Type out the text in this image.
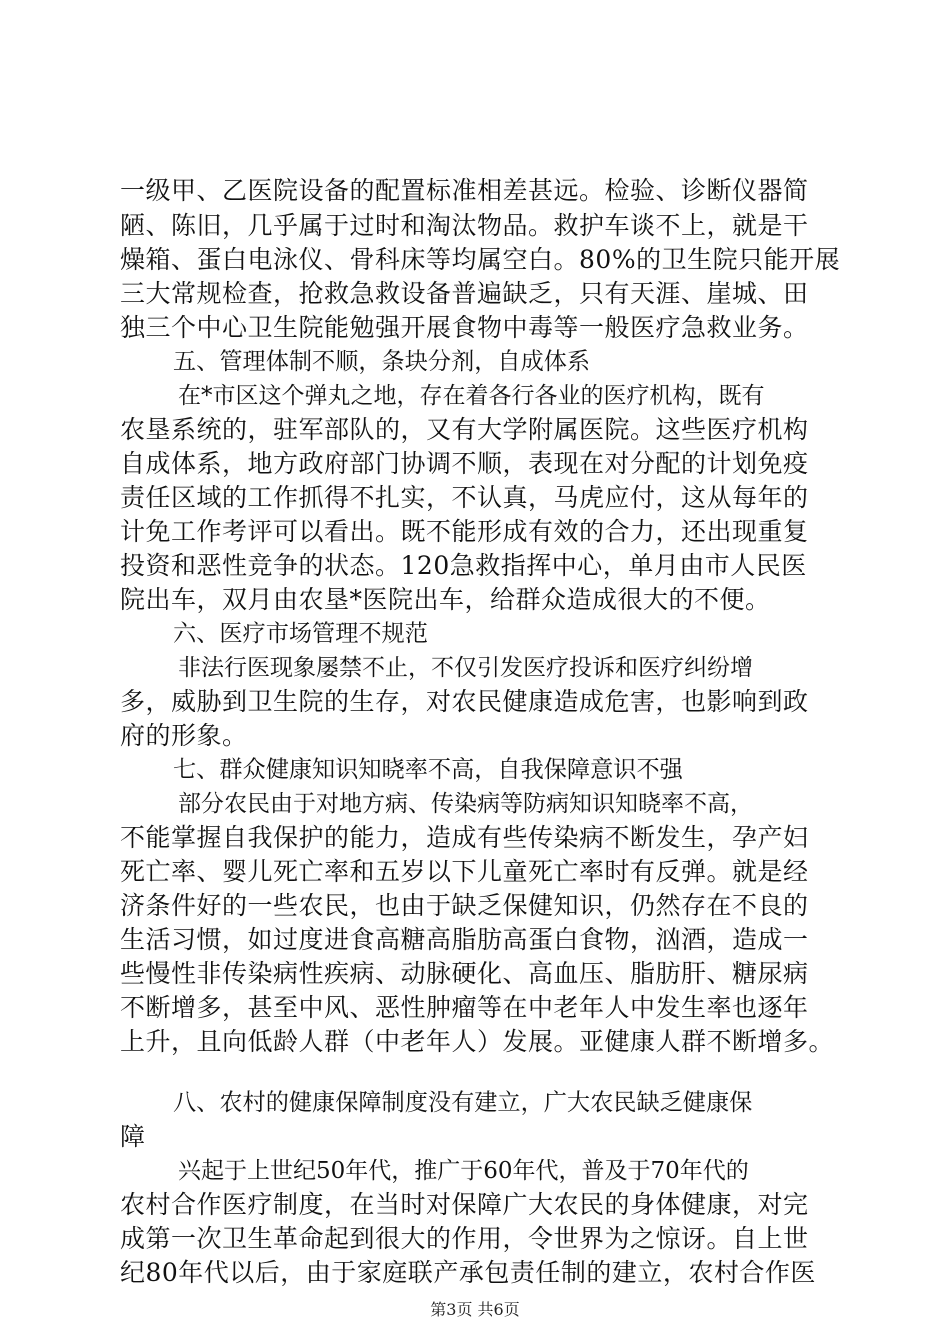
一级甲、乙医院设备的配置标准相差甚远。检验、诊断仪器简
陋、陈旧，几乎属于过时和淘汰物品。救护车谈不上，就是干
燥箱、蛋白电泳仪、骨科床等均属空白。80%的卫生院只能开展
三大常规检查，抢救急救设备普遍缺乏，只有天涯、崖城、田
独三个中心卫生院能勉强开展食物中毒等一般医疗急救业务。
五、管理体制不顺，条块分剂，自成体系
在*市区这个弹丸之地，存在着各行各业的医疗机构，既有
农垦系统的，驻军部队的，又有大学附属医院。这些医疗机构
自成体系，地方政府部门协调不顺，表现在对分配的计划免疫
责任区域的工作抓得不扎实，不认真，马虎应付，这从每年的
计免工作考评可以看出。既不能形成有效的合力，还出现重复
投资和恶性竞争的状态。120急救指挥中心，单月由市人民医
院出车，双月由农垦*医院出车，给群众造成很大的不便。
六、医疗市场管理不规范
非法行医现象屡禁不止，不仅引发医疗投诉和医疗纠纷增
多，威胁到卫生院的生存，对农民健康造成危害，也影响到政
府的形象。
七、群众健康知识知晓率不高，自我保障意识不强
部分农民由于对地方病、传染病等防病知识知晓率不高，
不能掌握自我保护的能力，造成有些传染病不断发生，孕产妇
死亡率、婴儿死亡率和五岁以下儿童死亡率时有反弹。就是经
济条件好的一些农民，也由于缺乏保健知识，仍然存在不良的
生活习惯，如过度进食高糖高脂肪高蛋白食物，汹酒，造成一
些慢性非传染病性疾病、动脉硬化、高血压、脂肪肝、糖尿病
不断增多，甚至中风、恶性肿瘤等在中老年人中发生率也逐年
上升，且向低龄人群（中老年人）发展。亚健康人群不断增多。
八、农村的健康保障制度没有建立，广大农民缺乏健康保
障
兴起于上世纪50年代，推广于60年代，普及于70年代的
农村合作医疗制度，在当时对保障广大农民的身体健康，对完
成第一次卫生革命起到很大的作用，令世界为之惊讶。自上世
纪80年代以后，由于家庭联产承包责任制的建立，农村合作医
第3页 共6页
